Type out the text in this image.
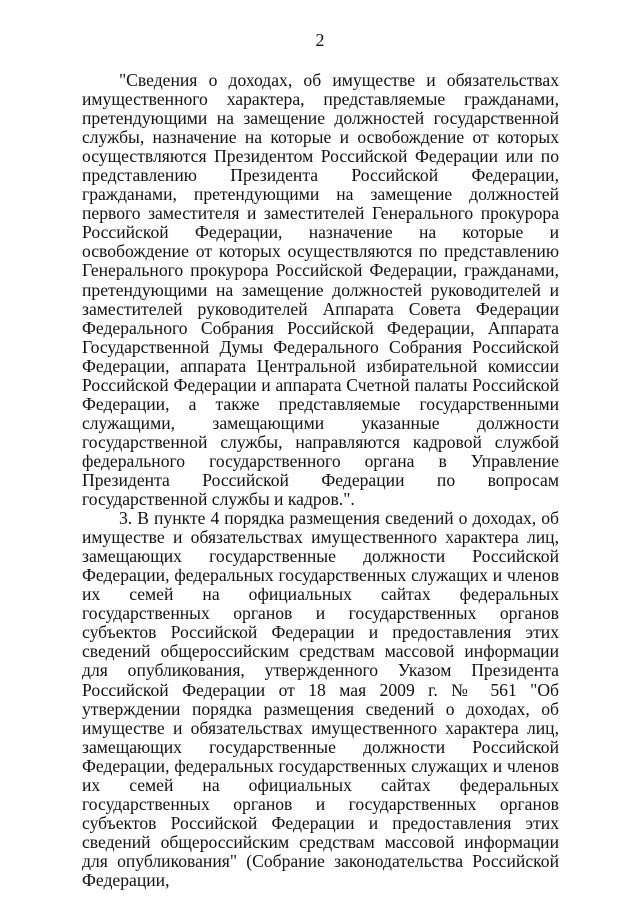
2

"Сведения о доходах, об имуществе и обязательствах имущественного характера, представляемые гражданами, претендующими на замещение должностей государственной службы, назначение на которые и освобождение от которых осуществляются Президентом Российской Федерации или по представлению Президента Российской Федерации, гражданами, претендующими на замещение должностей первого заместителя и заместителей Генерального прокурора Российской Федерации, назначение на которые и освобождение от которых осуществляются по представлению Генерального прокурора Российской Федерации, гражданами, претендующими на замещение должностей руководителей и заместителей руководителей Аппарата Совета Федерации Федерального Собрания Российской Федерации, Аппарата Государственной Думы Федерального Собрания Российской Федерации, аппарата Центральной избирательной комиссии Российской Федерации и аппарата Счетной палаты Российской Федерации, а также представляемые государственными служащими, замещающими указанные должности государственной службы, направляются кадровой службой федерального государственного органа в Управление Президента Российской Федерации по вопросам государственной службы и кадров.".

3. В пункте 4 порядка размещения сведений о доходах, об имуществе и обязательствах имущественного характера лиц, замещающих государственные должности Российской Федерации, федеральных государственных служащих и членов их семей на официальных сайтах федеральных государственных органов и государственных органов субъектов Российской Федерации и предоставления этих сведений общероссийским средствам массовой информации для опубликования, утвержденного Указом Президента Российской Федерации от 18 мая 2009 г. № 561 "Об утверждении порядка размещения сведений о доходах, об имуществе и обязательствах имущественного характера лиц, замещающих государственные должности Российской Федерации, федеральных государственных служащих и членов их семей на официальных сайтах федеральных государственных органов и государственных органов субъектов Российской Федерации и предоставления этих сведений общероссийским средствам массовой информации для опубликования" (Собрание законодательства Российской Федерации,
